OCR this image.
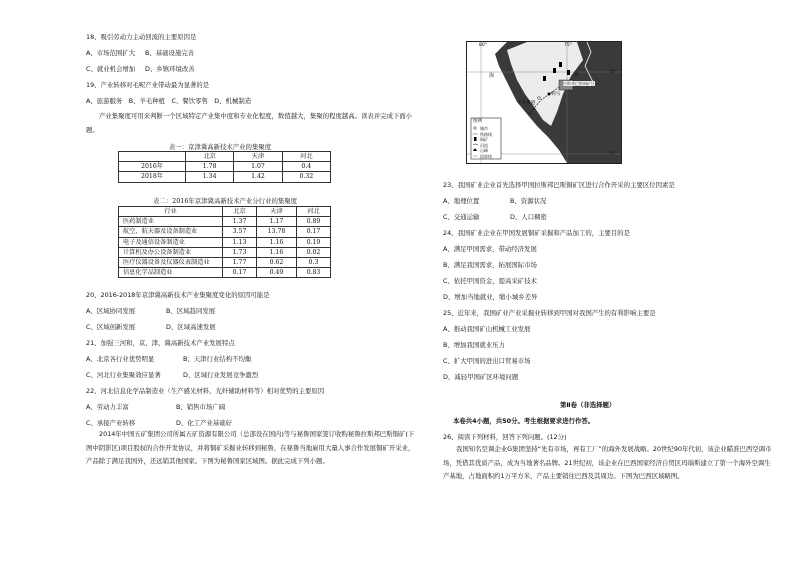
18、吸引劳动力主动回流的主要原因是
A、市场范围扩大 B、基础设施完善
C、就业机会增加 D、乡镇环境改善
19、产业转移对毛呢产业带动最为显著的是
A、旅游服务　B、羊毛种植　C、餐饮零售　D、机械制造
产业集聚度可用来判断一个区域特定产业集中度和专业化程度，数值越大，集聚的程度越高。读表并完成下面小题。
表一：京津冀高新技术产业的集聚度
	北京	天津	河北
2016年	1.78	1.07	0.4
2018年	1.34	1.42	0.32
表二：2016年京津冀高新技术产业分行业的集聚度
行业	北京	天津	河北
医药制造业	1.37	1.17	0.89
航空、航天器及设备制造业	3.57	13.78	0.17
电子及通信设备制造业	1.13	1.16	0.19
计算机及办公设备制造业	1.73	1.16	0.02
医疗仪器设备及仪器仪表制造业	1.77	0.62	0.3
信息化学品制造业	0.17	0.49	0.83
20、2016-2018年京津冀高新技术产业集聚度变化的原因可能是
A、区域协同发展	B、区域趋同发展
C、区域创新发展	D、区域高速发展
21、加强三河和，京、津、冀高新技术产业发展特点
A、北京各行业优势明显	B、天津行业结构不均衡
C、河北行业集聚效应显著	D、区域行业发展竞争激烈
22、河北信息化学品制造业（生产感光材料、光纤辅助材料等）相对优势的主要原因
A、劳动力丰富	B、销售市场广阔
C、承接产业转移	D、化工产业基础好
2014年中国五矿集团公司所属五矿资源有限公司（总部设在国内)等与秘鲁国家签订收购秘鲁拉斯邦巴斯铜矿(下图中阴影区)项目股权的合作开发协议，并将铜矿采掘业转移到秘鲁，在秘鲁当地雇用大量人事合作发展铜矿开采业，产品除了满足我国外，还远销其他国家。下图为秘鲁国家区域图。据此完成下列小题。
80°	75°
10°
15°
海
洋
利马
卡亚俄港
拉斯邦巴斯铜矿区
秘
图例
城市
铁路线
铜矿
河流
山峰
国界线
23、我国矿业企业首先选择甲国拉斯邦巴斯铜矿区进行合作开采的主要区位因素是
A、地理位置	B、资源状况
C、交通运输	D、人口稠密
24、我国矿业企业在甲国发展铜矿采掘和产品加工的，主要目的是
A、满足甲国需求，带动经济发展
B、满足我国需求，拓展国际市场
C、依托甲国资金，提高采矿技术
D、增加当地就业，缩小城乡差异
25、近年来，我国矿业产业采掘业转移到甲国对我国产生的有利影响主要是
A、推动我国矿山机械工业发展
B、增加我国就业压力
C、扩大甲国的进出口贸易市场
D、减轻甲国矿区环境问题
第Ⅱ卷（非选择题）
本卷共4小题，共50分。考生根据要求进行作答。
26、阅读下列材料，回答下列问题。(12分)
我国知名空调企业G集团坚持“先有市场，再有工厂”的海外发展战略。20世纪90年代初，该企业瞄准巴西空调市场，凭借其优质产品，成为当地著名品牌。21世纪初，该企业在巴西国家经济自贸区玛瑙斯建立了第一个海外空调生产基地，占地面积约1万平方米，产品主要销往巴西及其周边。下图为巴西区域略图。
